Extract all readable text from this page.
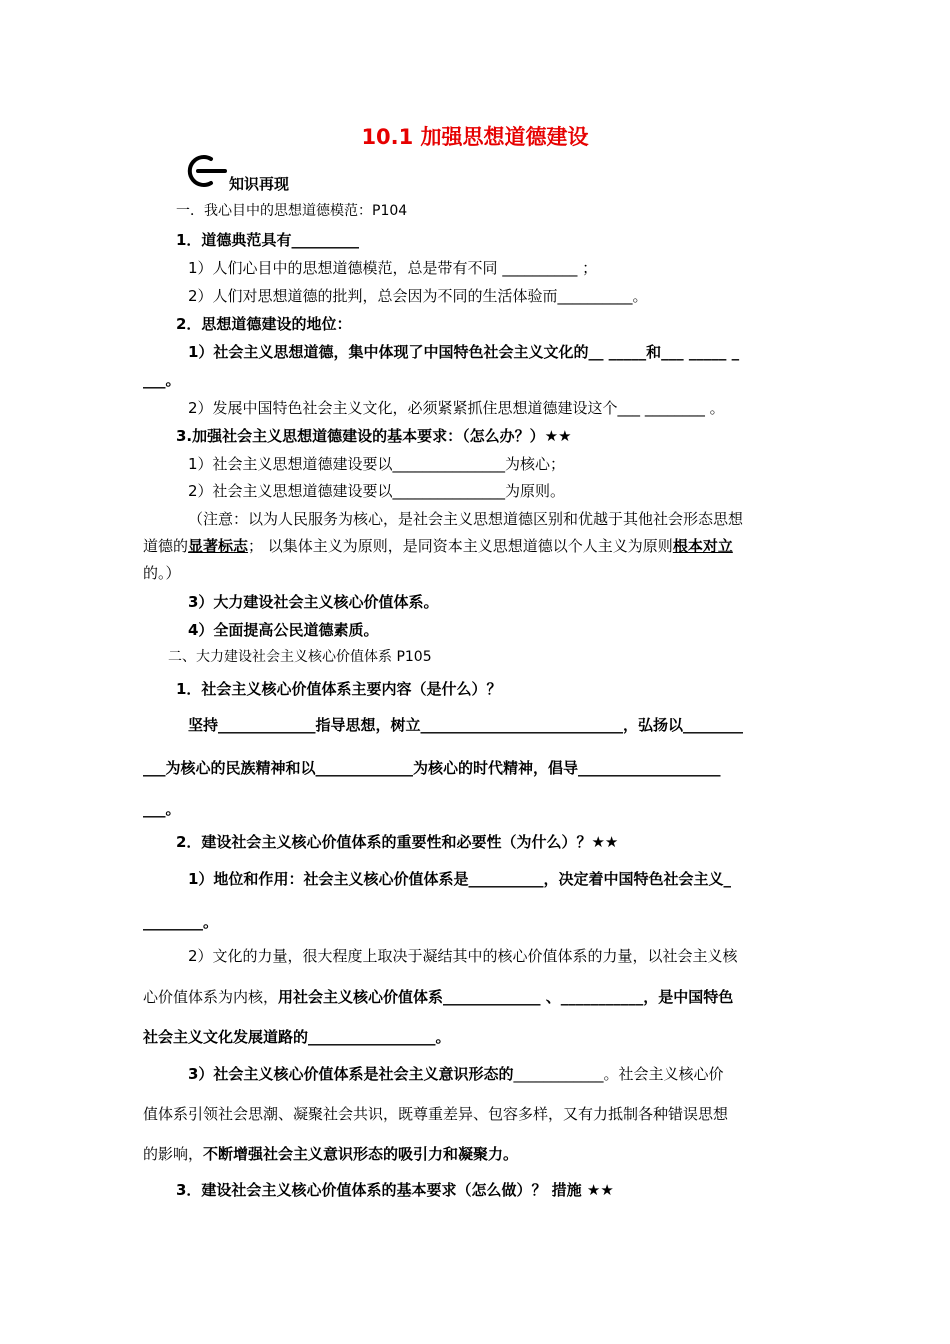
10.1 加强思想道德建设
知识再现
一．我心目中的思想道德模范：P104
1．道德典范具有_________
1）人们心目中的思想道德模范，总是带有不同 __________ ；
2）人们对思想道德的批判，总会因为不同的生活体验而__________。
2．思想道德建设的地位：
1）社会主义思想道德，集中体现了中国特色社会主义文化的__ _____和___ _____ _
___。
2）发展中国特色社会主义文化，必须紧紧抓住思想道德建设这个___ ________ 。
3.加强社会主义思想道德建设的基本要求：（怎么办？）★★
1）社会主义思想道德建设要以_______________为核心；
2）社会主义思想道德建设要以_______________为原则。
（注意：以为人民服务为核心，是社会主义思想道德区别和优越于其他社会形态思想
道德的显著标志； 以集体主义为原则，是同资本主义思想道德以个人主义为原则根本对立
的。）
3）大力建设社会主义核心价值体系。
4）全面提高公民道德素质。
二、大力建设社会主义核心价值体系 P105
1．社会主义核心价值体系主要内容（是什么）？
坚持_____________指导思想，树立___________________________，弘扬以________
___为核心的民族精神和以_____________为核心的时代精神，倡导___________________
___。
2．建设社会主义核心价值体系的重要性和必要性（为什么）？★★
1）地位和作用：社会主义核心价值体系是__________，决定着中国特色社会主义_
________。
2）文化的力量，很大程度上取决于凝结其中的核心价值体系的力量，以社会主义核
心价值体系为内核，用社会主义核心价值体系_____________ 、___________，是中国特色
社会主义文化发展道路的_________________。
3）社会主义核心价值体系是社会主义意识形态的____________。社会主义核心价
值体系引领社会思潮、凝聚社会共识，既尊重差异、包容多样，又有力抵制各种错误思想
的影响，不断增强社会主义意识形态的吸引力和凝聚力。
3．建设社会主义核心价值体系的基本要求（怎么做）？ 措施 ★★
